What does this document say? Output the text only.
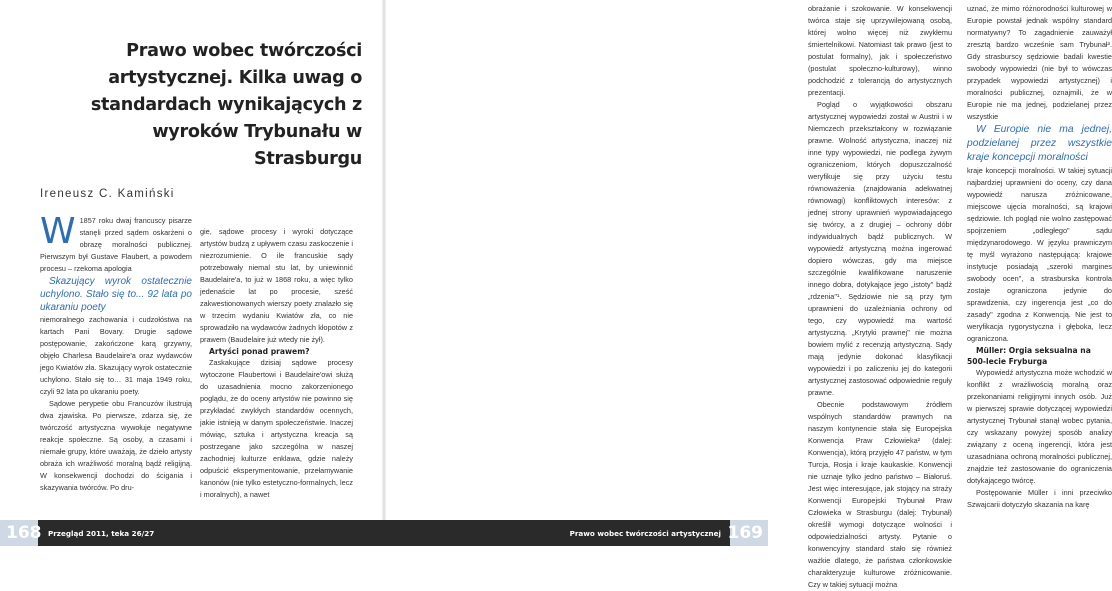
Prawo wobec twórczości artystycznej. Kilka uwag o standardach wynikających z wyroków Trybunału w Strasburgu
Ireneusz C. Kamiński

W 1857 roku dwaj francuscy pisarze stanęli przed sądem oskarżeni o obrazę moralności publicznej. Pierwszym był Gustave Flaubert, a powodem procesu – rzekoma apologia

Skazujący wyrok ostatecznie uchylono. Stało się to... 92 lata po ukaraniu poety

niemoralnego zachowania i cudzołóstwa na kartach Pani Bovary. Drugie sądowe postępowanie, zakończone karą grzywny, objęło Charlesa Baudelaire'a oraz wydawców jego Kwiatów zła. Skazujący wyrok ostatecznie uchylono. Stało się to… 31 maja 1949 roku, czyli 92 lata po ukaraniu poety.

Sądowe perypetie obu Francuzów ilustrują dwa zjawiska. Po pierwsze, zdarza się, że twórczość artystyczna wywołuje negatywne reakcje społeczne. Są osoby, a czasami i niemałe grupy, które uważają, że dzieło artysty obraża ich wrażliwość moralną bądź religijną. W konsekwencji dochodzi do ścigania i skazywania twórców. Po dru-

gie, sądowe procesy i wyroki dotyczące artystów budzą z upływem czasu zaskoczenie i niezrozumienie. O ile francuskie sądy potrzebowały niemal stu lat, by uniewinnić Baudelaire'a, to już w 1868 roku, a więc tylko jedenaście lat po procesie, sześć zakwestionowanych wierszy poety znalazło się w trzecim wydaniu Kwiatów zła, co nie sprowadziło na wydawców żadnych kłopotów z prawem (Baudelaire już wtedy nie żył).

Artyści ponad prawem?

Zaskakujące dzisiaj sądowe procesy wytoczone Flaubertowi i Baudelaire'owi służą do uzasadnienia mocno zakorzenionego poglądu, że do oceny artystów nie powinno się przykładać zwykłych standardów ocennych, jakie istnieją w danym społeczeństwie. Inaczej mówiąc, sztuka i artystyczna kreacja są postrzegane jako szczególna w naszej zachodniej kulturze enklawa, gdzie należy odpuścić eksperymentowanie, przełamywanie kanonów (nie tylko estetyczno-formalnych, lecz i moralnych), a nawet

obrażanie i szokowanie. W konsekwencji twórca staje się uprzywilejowaną osobą, której wolno więcej niż zwykłemu śmiertelnikowi. Natomiast tak prawo (jest to postulat formalny), jak i społeczeństwo (postulat społeczno-kulturowy), winno podchodzić z tolerancją do artystycznych prezentacji.

Pogląd o wyjątkowości obszaru artystycznej wypowiedzi został w Austrii i w Niemczech przekształcony w rozwiązanie prawne. Wolność artystyczna, inaczej niż inne typy wypowiedzi, nie podlega żywym ograniczeniom, których dopuszczalność weryfikuje się przy użyciu testu równoważenia (znajdowania adekwatnej równowagi) konfliktowych interesów: z jednej strony uprawnień wypowiadającego się twórcy, a z drugiej – ochrony dóbr indywidualnych bądź publicznych. W wypowiedź artystyczną można ingerować dopiero wówczas, gdy ma miejsce szczególnie kwalifikowane naruszenie innego dobra, dotykające jego „istoty" bądź „rdzenia"¹. Sędziowie nie są przy tym uprawnieni do uzależniania ochrony od tego, czy wypowiedź ma wartość artystyczną. „Krytyki prawnej" nie można bowiem mylić z recenzją artystyczną. Sądy mają jedynie dokonać klasyfikacji wypowiedzi i po zaliczeniu jej do kategorii artystycznej zastosować odpowiednie reguły prawne.

Obecnie podstawowym źródłem wspólnych standardów prawnych na naszym kontynencie stała się Europejska Konwencja Praw Człowieka² (dalej: Konwencja), którą przyjęło 47 państw, w tym Turcja, Rosja i kraje kaukaskie. Konwencji nie uznaje tylko jedno państwo – Białoruś. Jest więc interesujące, jak stojący na straży Konwencji Europejski Trybunał Praw Człowieka w Strasburgu (dalej: Trybunał) określił wymogi dotyczące wolności i odpowiedzialności artysty. Pytanie o konwencyjny standard stało się również ważkie dlatego, że państwa członkowskie charakteryzuje kulturowe zróżnicowanie. Czy w takiej sytuacji można

uznać, że mimo różnorodności kulturowej w Europie powstał jednak wspólny standard normatywny? To zagadnienie zauważył zresztą bardzo wcześnie sam Trybunał³. Gdy strasburscy sędziowie badali kwestie swobody wypowiedzi (nie był to wówczas przypadek wypowiedzi artystycznej) i moralności publicznej, oznajmili, że w Europie nie ma jednej, podzielanej przez wszystkie

W Europie nie ma jednej, podzielanej przez wszystkie kraje koncepcji moralności

kraje koncepcji moralności. W takiej sytuacji najbardziej uprawnieni do oceny, czy dana wypowiedź narusza zróżnicowane, miejscowe ujęcia moralności, są krajowi sędziowie. Ich pogląd nie wolno zastępować spojrzeniem „odległego" sądu międzynarodowego. W języku prawniczym tę myśl wyrażono następującą: krajowe instytucje posiadają „szeroki margines swobody ocen", a strasburska kontrola zostaje ograniczona jedynie do sprawdzenia, czy ingerencja jest „co do zasady" zgodna z Konwencją. Nie jest to weryfikacja rygorystyczna i głęboka, lecz ograniczona.

Müller: Orgia seksualna na 500-lecie Fryburga

Wypowiedź artystyczna może wchodzić w konflikt z wrażliwością moralną oraz przekonaniami religijnymi innych osób. Już w pierwszej sprawie dotyczącej wypowiedzi artystycznej Trybunał stanął wobec pytania, czy wskazany powyżej sposób analizy związany z oceną ingerencji, która jest uzasadniana ochroną moralności publicznej, znajdzie też zastosowanie do ograniczenia dotykającego twórcę.

Postępowanie Müller i inni przeciwko Szwajcarii dotyczyło skazania na karę

168 Przegląd 2011, teka 26/27	Prawo wobec twórczości artystycznej 169
